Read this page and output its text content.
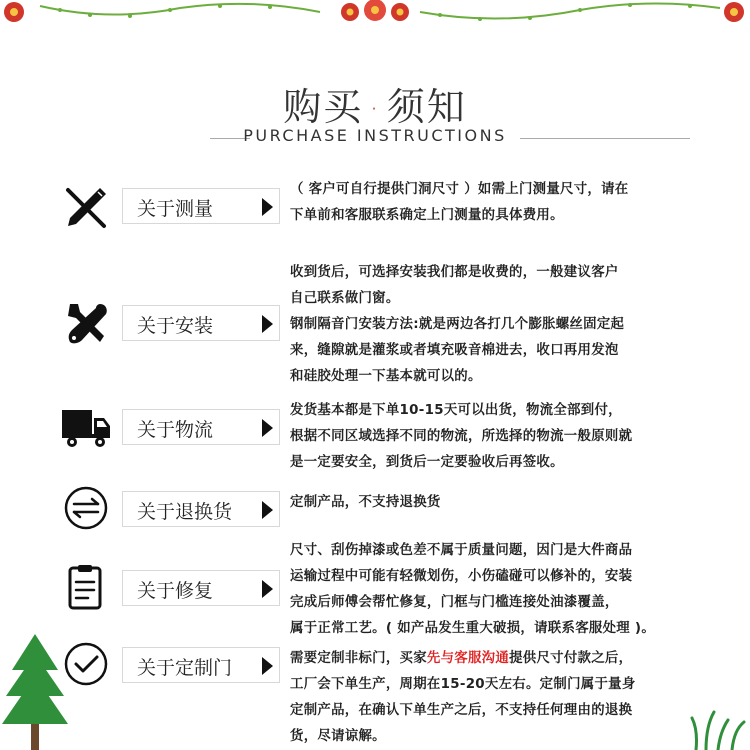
购买 · 须知
PURCHASE INSTRUCTIONS
关于测量
（ 客户可自行提供门洞尺寸 ）如需上门测量尺寸，请在
下单前和客服联系确定上门测量的具体费用。
关于安装
收到货后，可选择安装我们都是收费的，一般建议客户
自己联系做门窗。
钢制隔音门安装方法:就是两边各打几个膨胀螺丝固定起
来，缝隙就是灌浆或者填充吸音棉进去，收口再用发泡
和硅胶处理一下基本就可以的。
关于物流
发货基本都是下单10-15天可以出货，物流全部到付，
根据不同区域选择不同的物流，所选择的物流一般原则就
是一定要安全，到货后一定要验收后再签收。
关于退换货	定制产品，不支持退换货
关于修复
尺寸、刮伤掉漆或色差不属于质量问题，因门是大件商品
运输过程中可能有轻微划伤，小伤磕碰可以修补的，安装
完成后师傅会帮忙修复，门框与门槛连接处油漆覆盖，
属于正常工艺。( 如产品发生重大破损，请联系客服处理 )。
关于定制门	需要定制非标门，买家先与客服沟通提供尺寸付款之后，
工厂会下单生产，周期在15-20天左右。定制门属于量身
定制产品，在确认下单生产之后，不支持任何理由的退换
货，尽请谅解。
